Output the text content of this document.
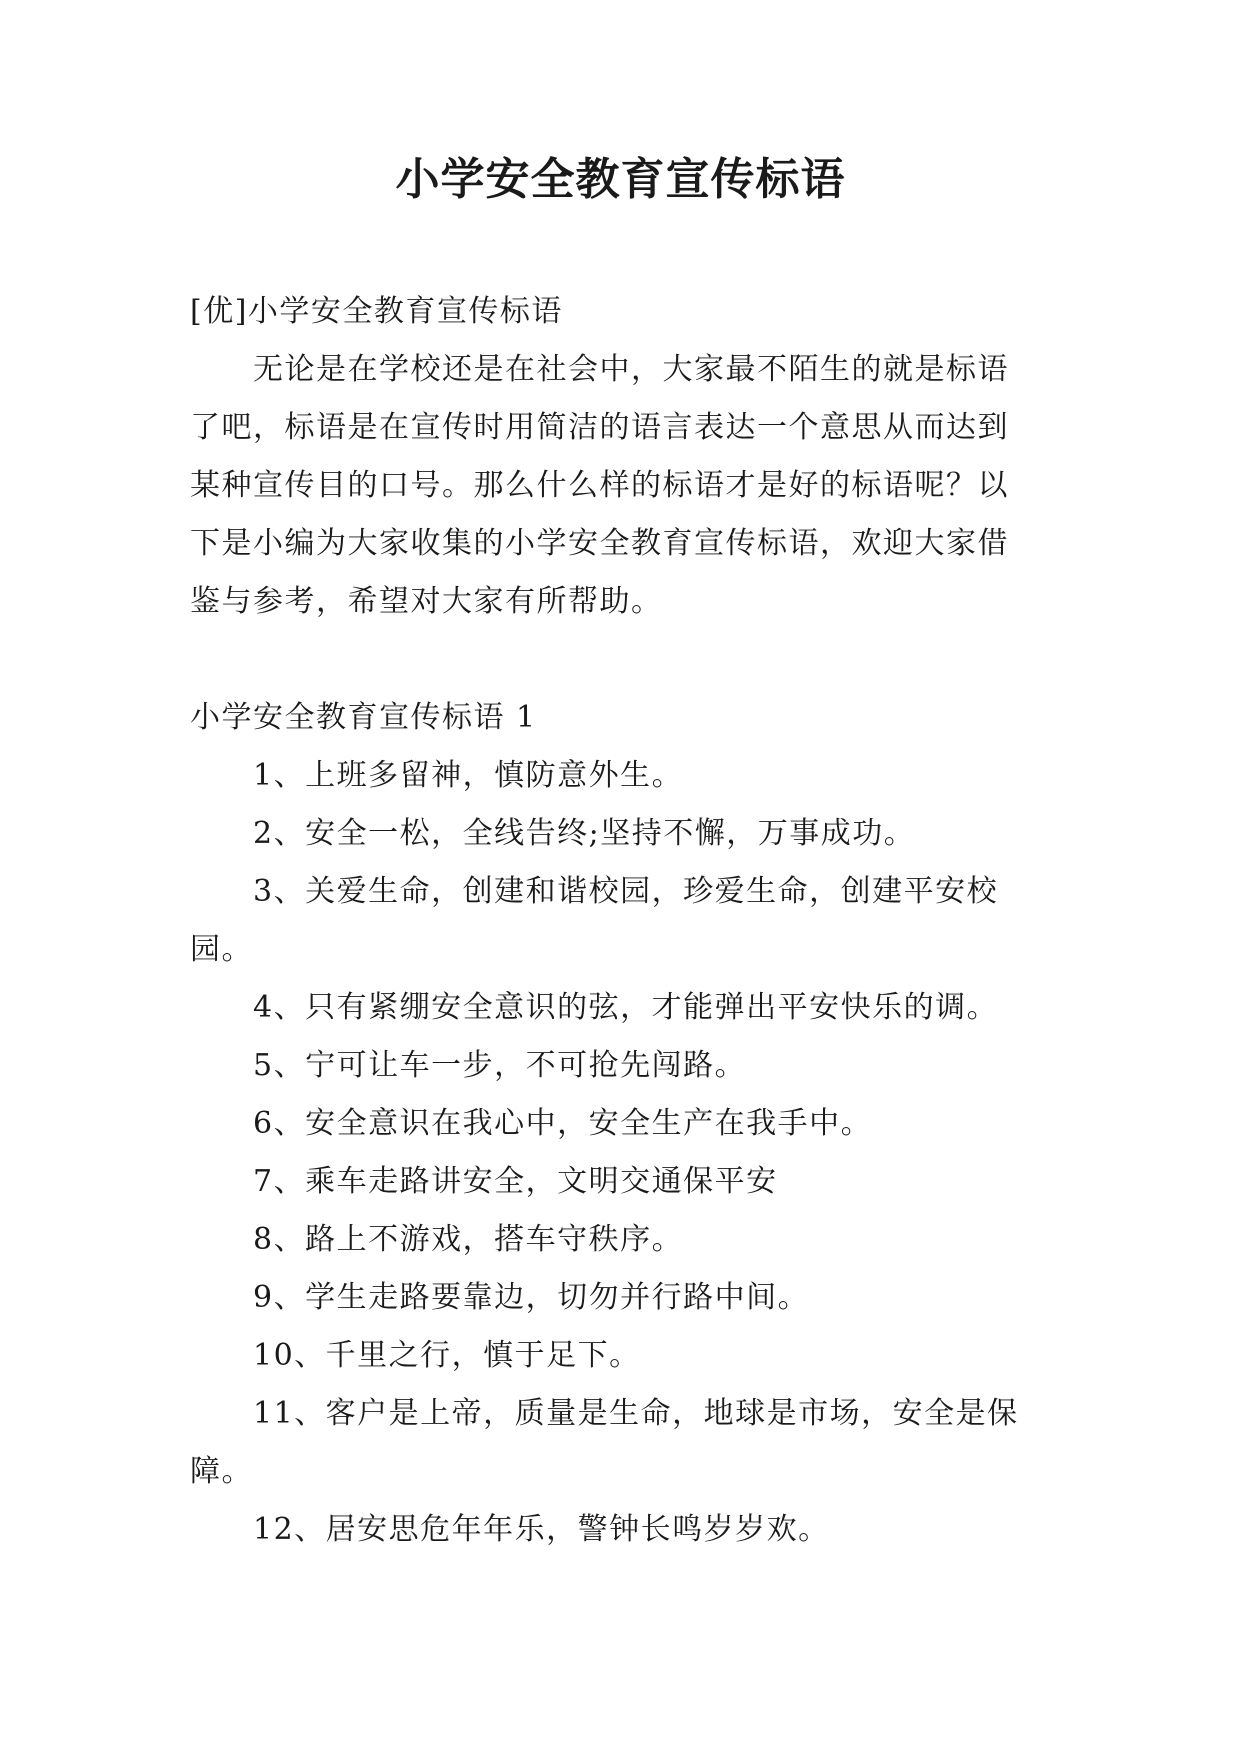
小学安全教育宣传标语
[优]小学安全教育宣传标语
无论是在学校还是在社会中，大家最不陌生的就是标语
了吧，标语是在宣传时用简洁的语言表达一个意思从而达到
某种宣传目的口号。那么什么样的标语才是好的标语呢？以
下是小编为大家收集的小学安全教育宣传标语，欢迎大家借
鉴与参考，希望对大家有所帮助。
小学安全教育宣传标语 1
1、上班多留神，慎防意外生。
2、安全一松，全线告终;坚持不懈，万事成功。
3、关爱生命，创建和谐校园，珍爱生命，创建平安校
园。
4、只有紧绷安全意识的弦，才能弹出平安快乐的调。
5、宁可让车一步，不可抢先闯路。
6、安全意识在我心中，安全生产在我手中。
7、乘车走路讲安全，文明交通保平安
8、路上不游戏，搭车守秩序。
9、学生走路要靠边，切勿并行路中间。
10、千里之行，慎于足下。
11、客户是上帝，质量是生命，地球是市场，安全是保
障。
12、居安思危年年乐，警钟长鸣岁岁欢。
